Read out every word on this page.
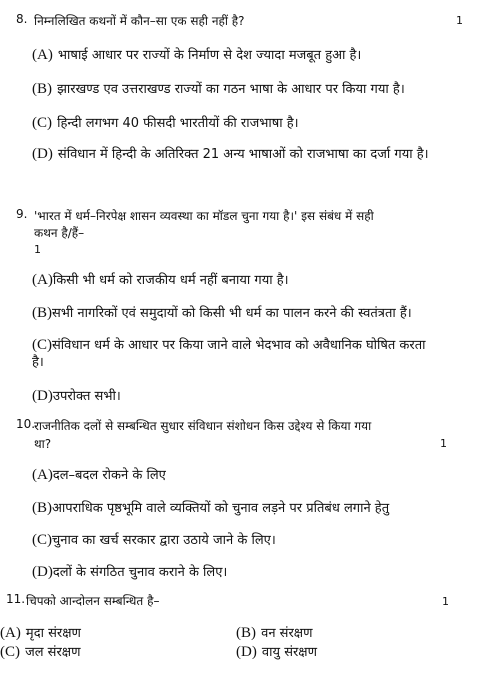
8. निम्नलिखित कथनों में कौन–सा एक सही नहीं है?	1
(A) भाषाई आधार पर राज्यों के निर्माण से देश ज्यादा मजबूत हुआ है।
(B) झारखण्ड एव उत्तराखण्ड राज्यों का गठन भाषा के आधार पर किया गया है।
(C) हिन्दी लगभग 40 फीसदी भारतीयों की राजभाषा है।
(D) संविधान में हिन्दी के अतिरिक्त 21 अन्य भाषाओं को राजभाषा का दर्जा गया है।
9. 'भारत में धर्म–निरपेक्ष शासन व्यवस्था का मॉडल चुना गया है।' इस संबंध में सही
कथन है/हैं–
1
(A)किसी भी धर्म को राजकीय धर्म नहीं बनाया गया है।
(B)सभी नागरिकों एवं समुदायों को किसी भी धर्म का पालन करने की स्वतंत्रता हैं।
(C)संविधान धर्म के आधार पर किया जाने वाले भेदभाव को अवैधानिक घोषित करता
है।
(D)उपरोक्त सभी।
10.
राजनीतिक दलों से सम्बन्धित सुधार संविधान संशोधन किस उद्देश्य से किया गया
था?	1
(A)दल–बदल रोकने के लिए
(B)आपराधिक पृष्ठभूमि वाले व्यक्तियों को चुनाव लड़ने पर प्रतिबंध लगाने हेतु
(C)चुनाव का खर्च सरकार द्वारा उठाये जाने के लिए।
(D)दलों के संगठित चुनाव कराने के लिए।
11. चिपको आन्दोलन सम्बन्धित है–	1
(A) मृदा संरक्षण	(B) वन संरक्षण
(C) जल संरक्षण	(D) वायु संरक्षण
